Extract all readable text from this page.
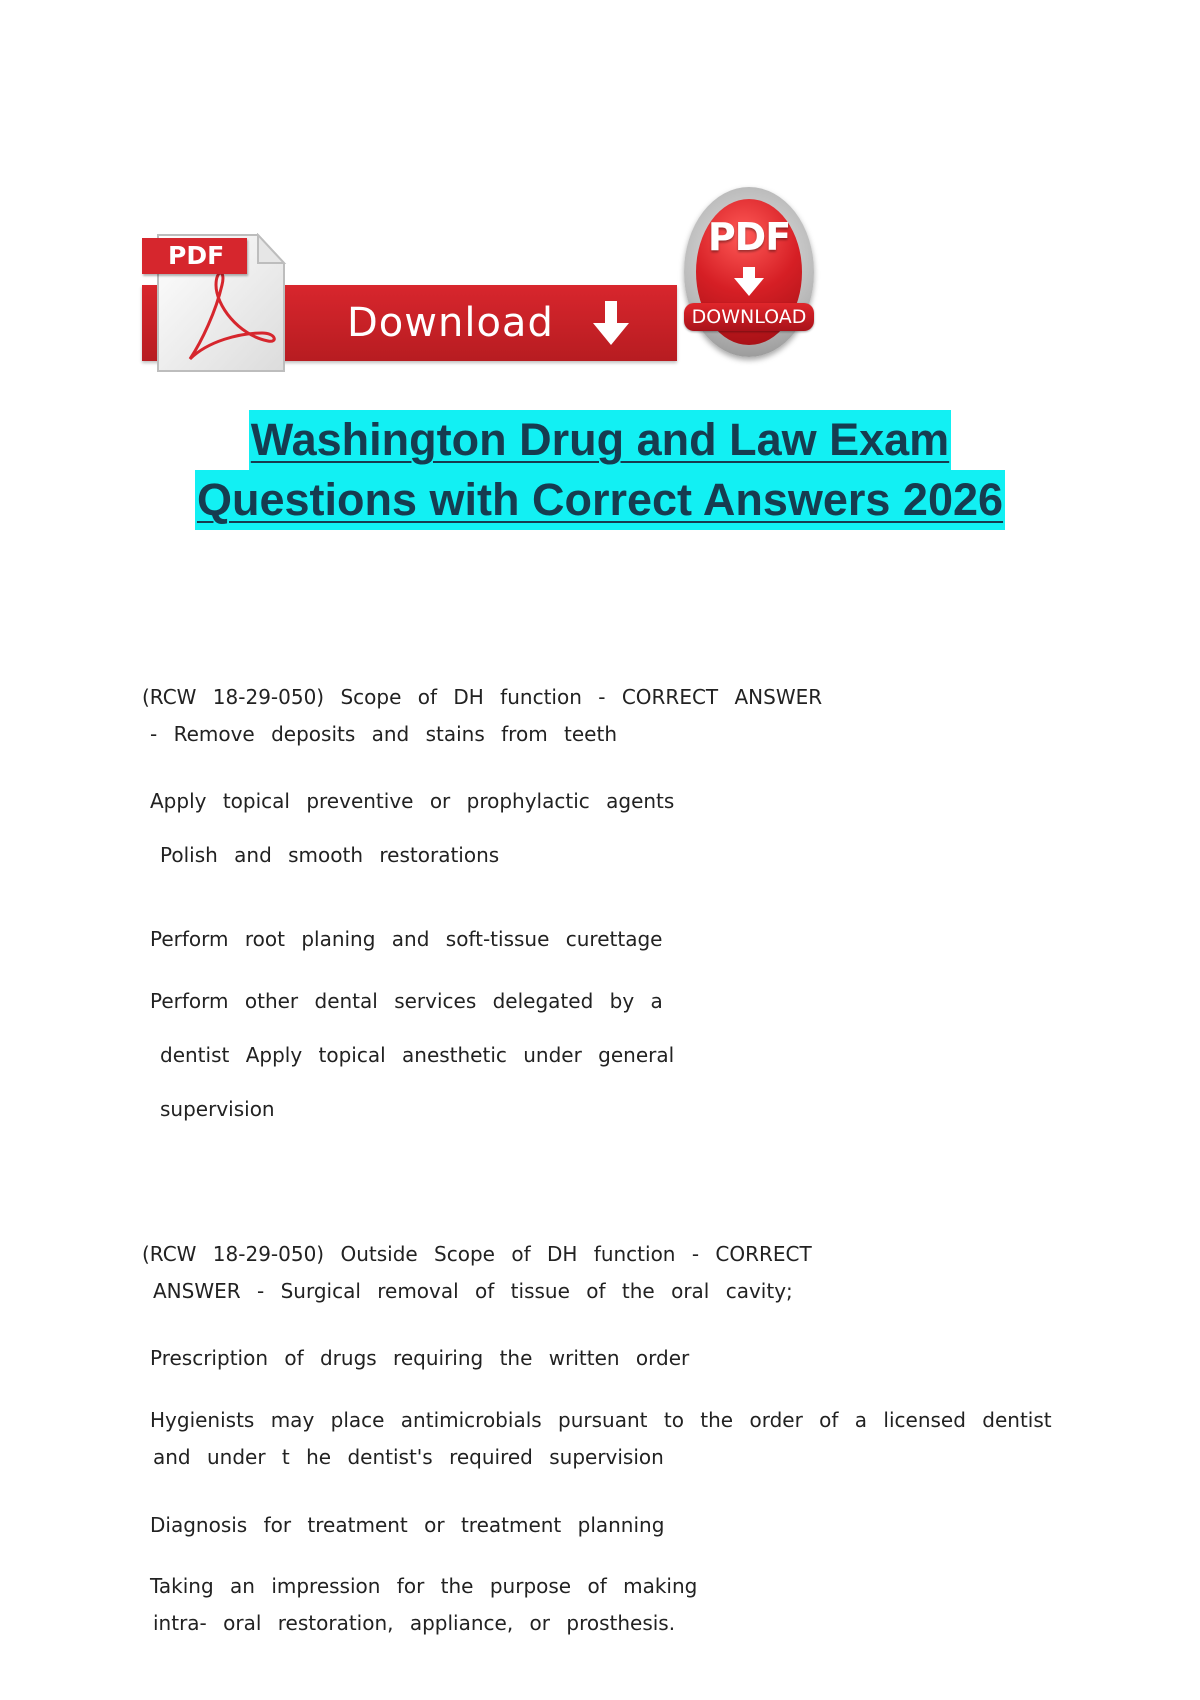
Download
PDF	PDF
DOWNLOAD
Washington Drug and Law Exam
Questions with Correct Answers 2026
(RCW 18-29-050) Scope of DH function - CORRECT ANSWER
- Remove deposits and stains from teeth
Apply topical preventive or prophylactic agents
Polish and smooth restorations
Perform root planing and soft-tissue curettage
Perform other dental services delegated by a
dentist Apply topical anesthetic under general
supervision
(RCW 18-29-050) Outside Scope of DH function - CORRECT
ANSWER - Surgical removal of tissue of the oral cavity;
Prescription of drugs requiring the written order
Hygienists may place antimicrobials pursuant to the order of a licensed dentist
and under t he dentist's required supervision
Diagnosis for treatment or treatment planning
Taking an impression for the purpose of making
intra- oral restoration, appliance, or prosthesis.
